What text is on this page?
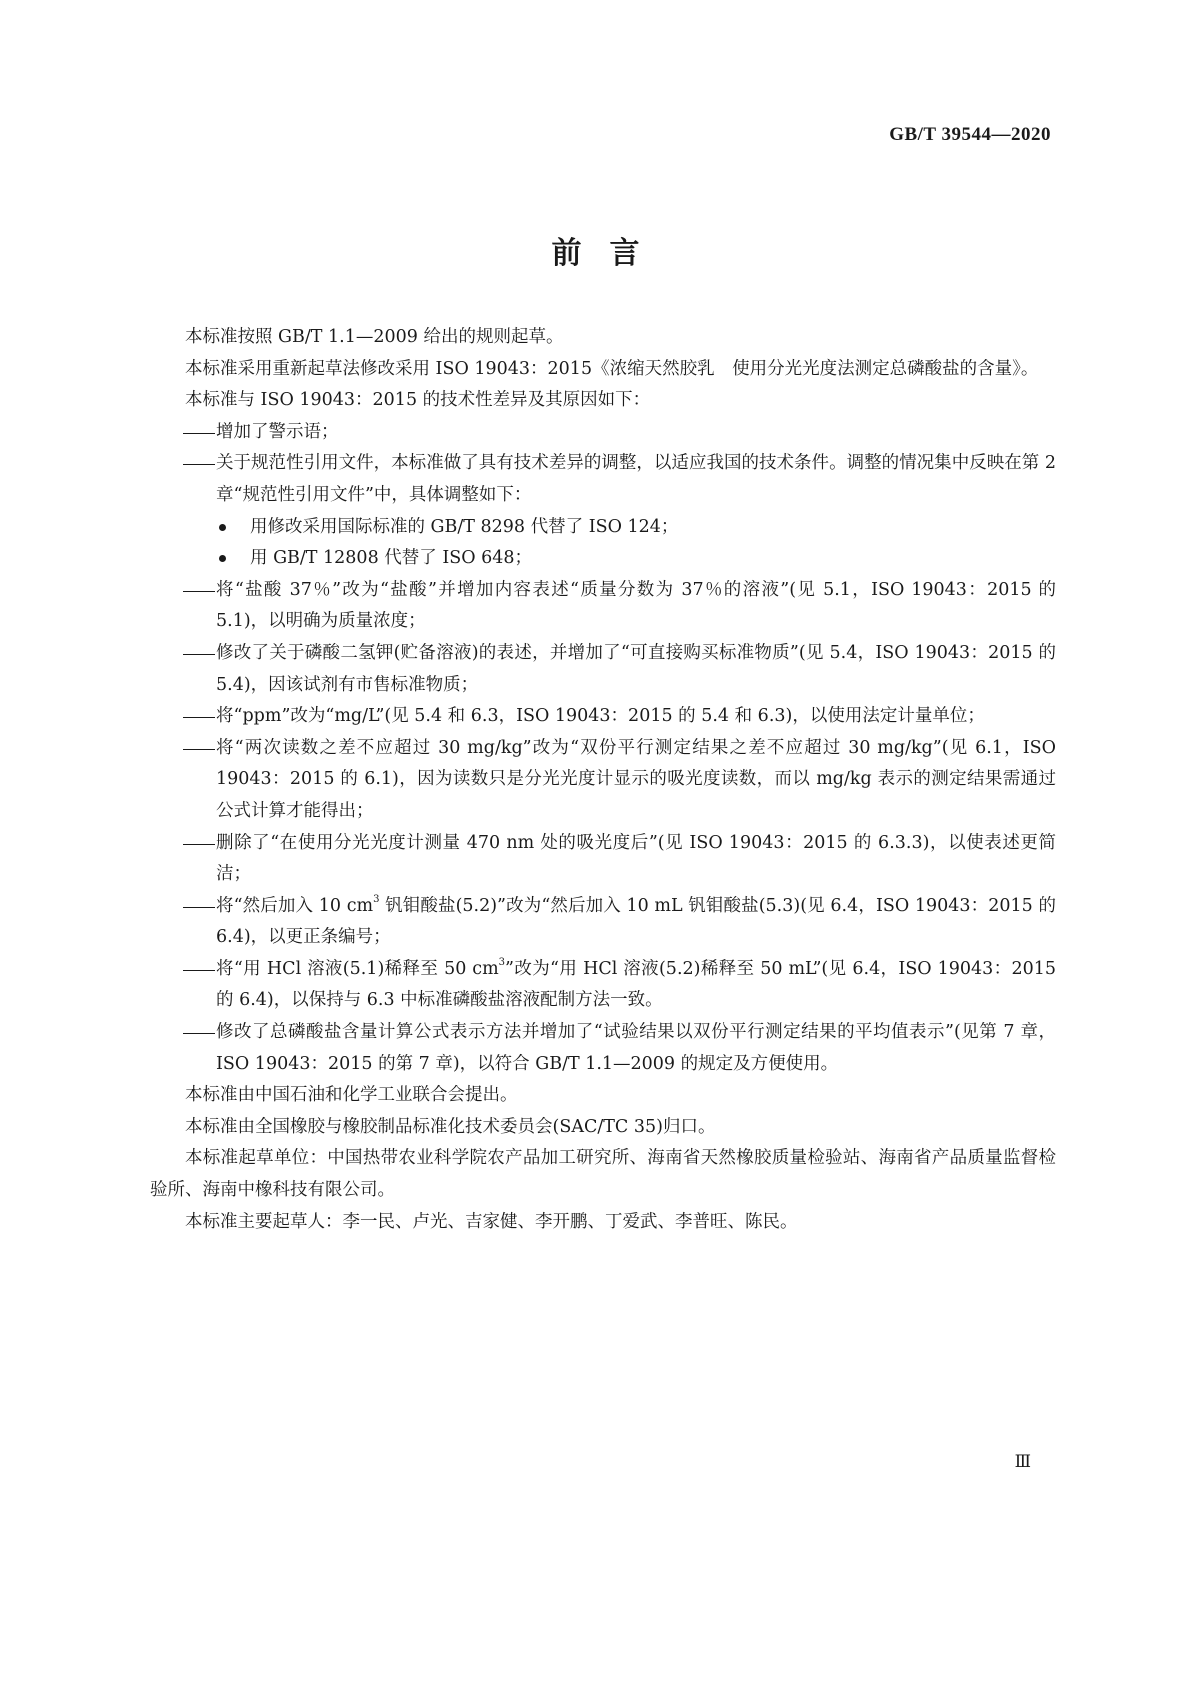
GB/T 39544—2020
前言

本标准按照 GB/T 1.1—2009 给出的规则起草。

本标准采用重新起草法修改采用 ISO 19043：2015《浓缩天然胶乳　使用分光光度法测定总磷酸盐的含量》。

本标准与 ISO 19043：2015 的技术性差异及其原因如下：

增加了警示语；

关于规范性引用文件，本标准做了具有技术差异的调整，以适应我国的技术条件。调整的情况集中反映在第 2 章“规范性引用文件”中，具体调整如下：

用修改采用国际标准的 GB/T 8298 代替了 ISO 124；

用 GB/T 12808 代替了 ISO 648；

将“盐酸 37％”改为“盐酸”并增加内容表述“质量分数为 37％的溶液”(见 5.1，ISO 19043：2015 的 5.1)，以明确为质量浓度；

修改了关于磷酸二氢钾(贮备溶液)的表述，并增加了“可直接购买标准物质”(见 5.4，ISO 19043：2015 的 5.4)，因该试剂有市售标准物质；

将“ppm”改为“mg/L”(见 5.4 和 6.3，ISO 19043：2015 的 5.4 和 6.3)，以使用法定计量单位；

将“两次读数之差不应超过 30 mg/kg”改为“双份平行测定结果之差不应超过 30 mg/kg”(见 6.1，ISO 19043：2015 的 6.1)，因为读数只是分光光度计显示的吸光度读数，而以 mg/kg 表示的测定结果需通过公式计算才能得出；

删除了“在使用分光光度计测量 470 nm 处的吸光度后”(见 ISO 19043：2015 的 6.3.3)，以使表述更简洁；

将“然后加入 10 $cm^3$ 钒钼酸盐(5.2)”改为“然后加入 10 mL 钒钼酸盐(5.3)(见 6.4，ISO 19043：2015 的 6.4)，以更正条编号；

将“用 HCl 溶液(5.1)稀释至 50 $cm^3$”改为“用 HCl 溶液(5.2)稀释至 50 mL”(见 6.4，ISO 19043：2015 的 6.4)，以保持与 6.3 中标准磷酸盐溶液配制方法一致。

修改了总磷酸盐含量计算公式表示方法并增加了“试验结果以双份平行测定结果的平均值表示”(见第 7 章，ISO 19043：2015 的第 7 章)，以符合 GB/T 1.1—2009 的规定及方便使用。

本标准由中国石油和化学工业联合会提出。

本标准由全国橡胶与橡胶制品标准化技术委员会(SAC/TC 35)归口。

本标准起草单位：中国热带农业科学院农产品加工研究所、海南省天然橡胶质量检验站、海南省产品质量监督检验所、海南中橡科技有限公司。

本标准主要起草人：李一民、卢光、吉家健、李开鹏、丁爱武、李普旺、陈民。

Ⅲ
